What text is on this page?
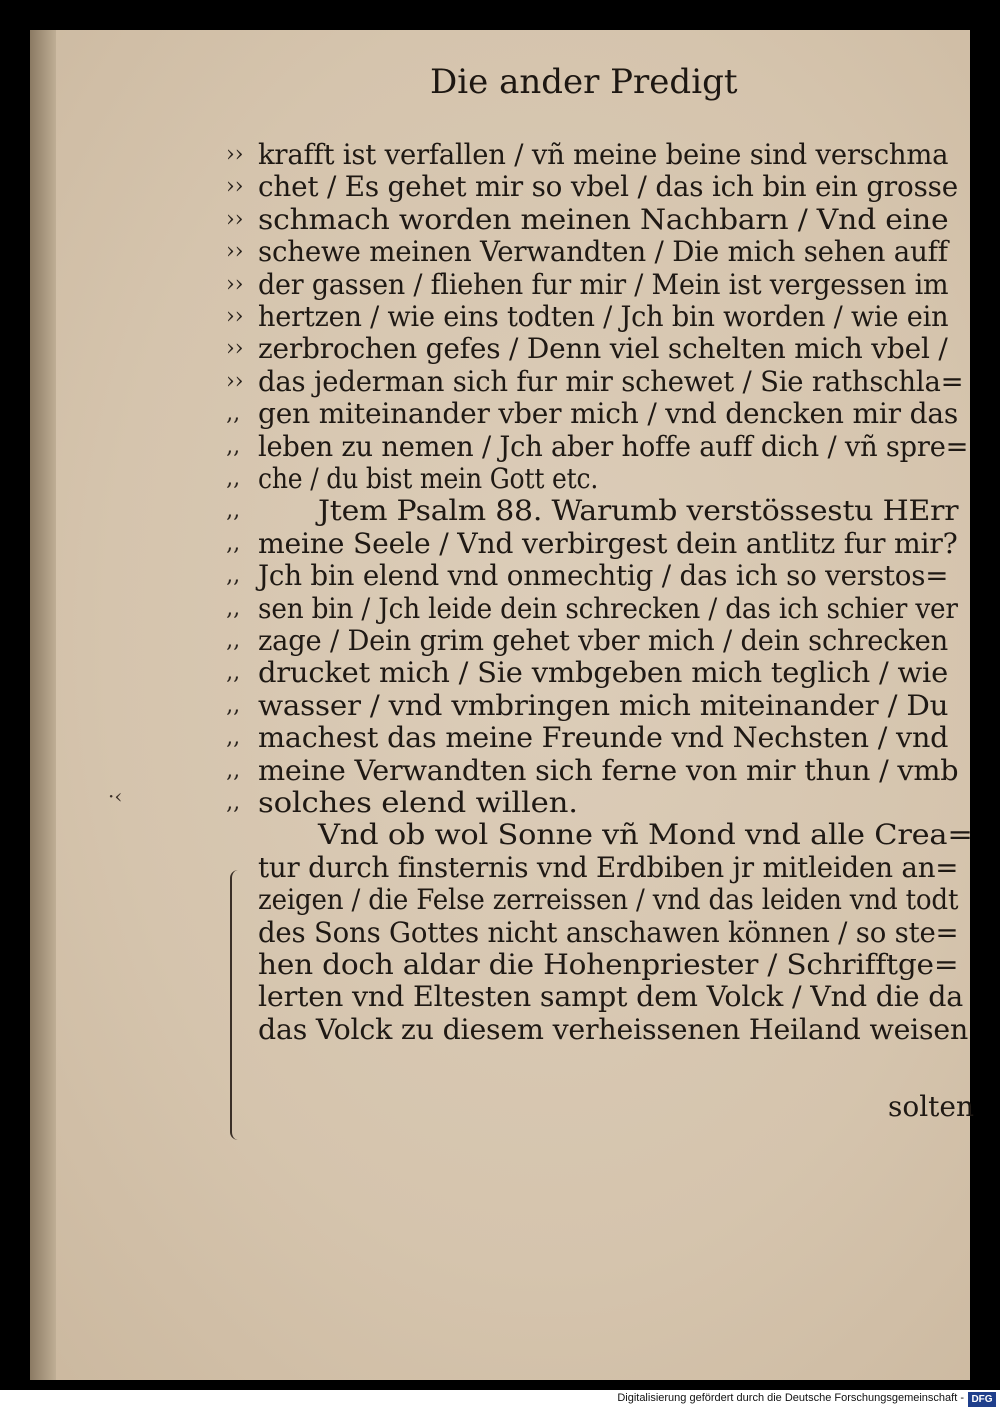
Die ander Predigt
·‹
krafft ist verfallen / vñ meine beine sind verschma
››
chet / Es gehet mir so vbel / das ich bin ein grosse
››
schmach worden meinen Nachbarn / Vnd eine
››
schewe meinen Verwandten / Die mich sehen auff
››
der gassen / fliehen fur mir / Mein ist vergessen im
››
hertzen / wie eins todten / Jch bin worden / wie ein
››
zerbrochen gefes / Denn viel schelten mich vbel /
››
das jederman sich fur mir schewet / Sie rathschla=
››
gen miteinander vber mich / vnd dencken mir das
‚‚
leben zu nemen / Jch aber hoffe auff dich / vñ spre=
‚‚
che / du bist mein Gott etc.
‚‚
Jtem Psalm 88. Warumb verstössestu HErr
‚‚
meine Seele / Vnd verbirgest dein antlitz fur mir?
‚‚
Jch bin elend vnd onmechtig / das ich so verstos=
‚‚
sen bin / Jch leide dein schrecken / das ich schier ver
‚‚
zage / Dein grim gehet vber mich / dein schrecken
‚‚
drucket mich / Sie vmbgeben mich teglich / wie
‚‚
wasser / vnd vmbringen mich miteinander / Du
‚‚
machest das meine Freunde vnd Nechsten / vnd
‚‚
meine Verwandten sich ferne von mir thun / vmb
‚‚
solches elend willen.
‚‚
Vnd ob wol Sonne vñ Mond vnd alle Crea=
tur durch finsternis vnd Erdbiben jr mitleiden an=
zeigen / die Felse zerreissen / vnd das leiden vnd todt
des Sons Gottes nicht anschawen können / so ste=
hen doch aldar die Hohenpriester / Schrifftge=
lerten vnd Eltesten sampt dem Volck / Vnd die da
das Volck zu diesem verheissenen Heiland weisen
solten
Digitalisierung gefördert durch die Deutsche Forschungsgemeinschaft - DFG
